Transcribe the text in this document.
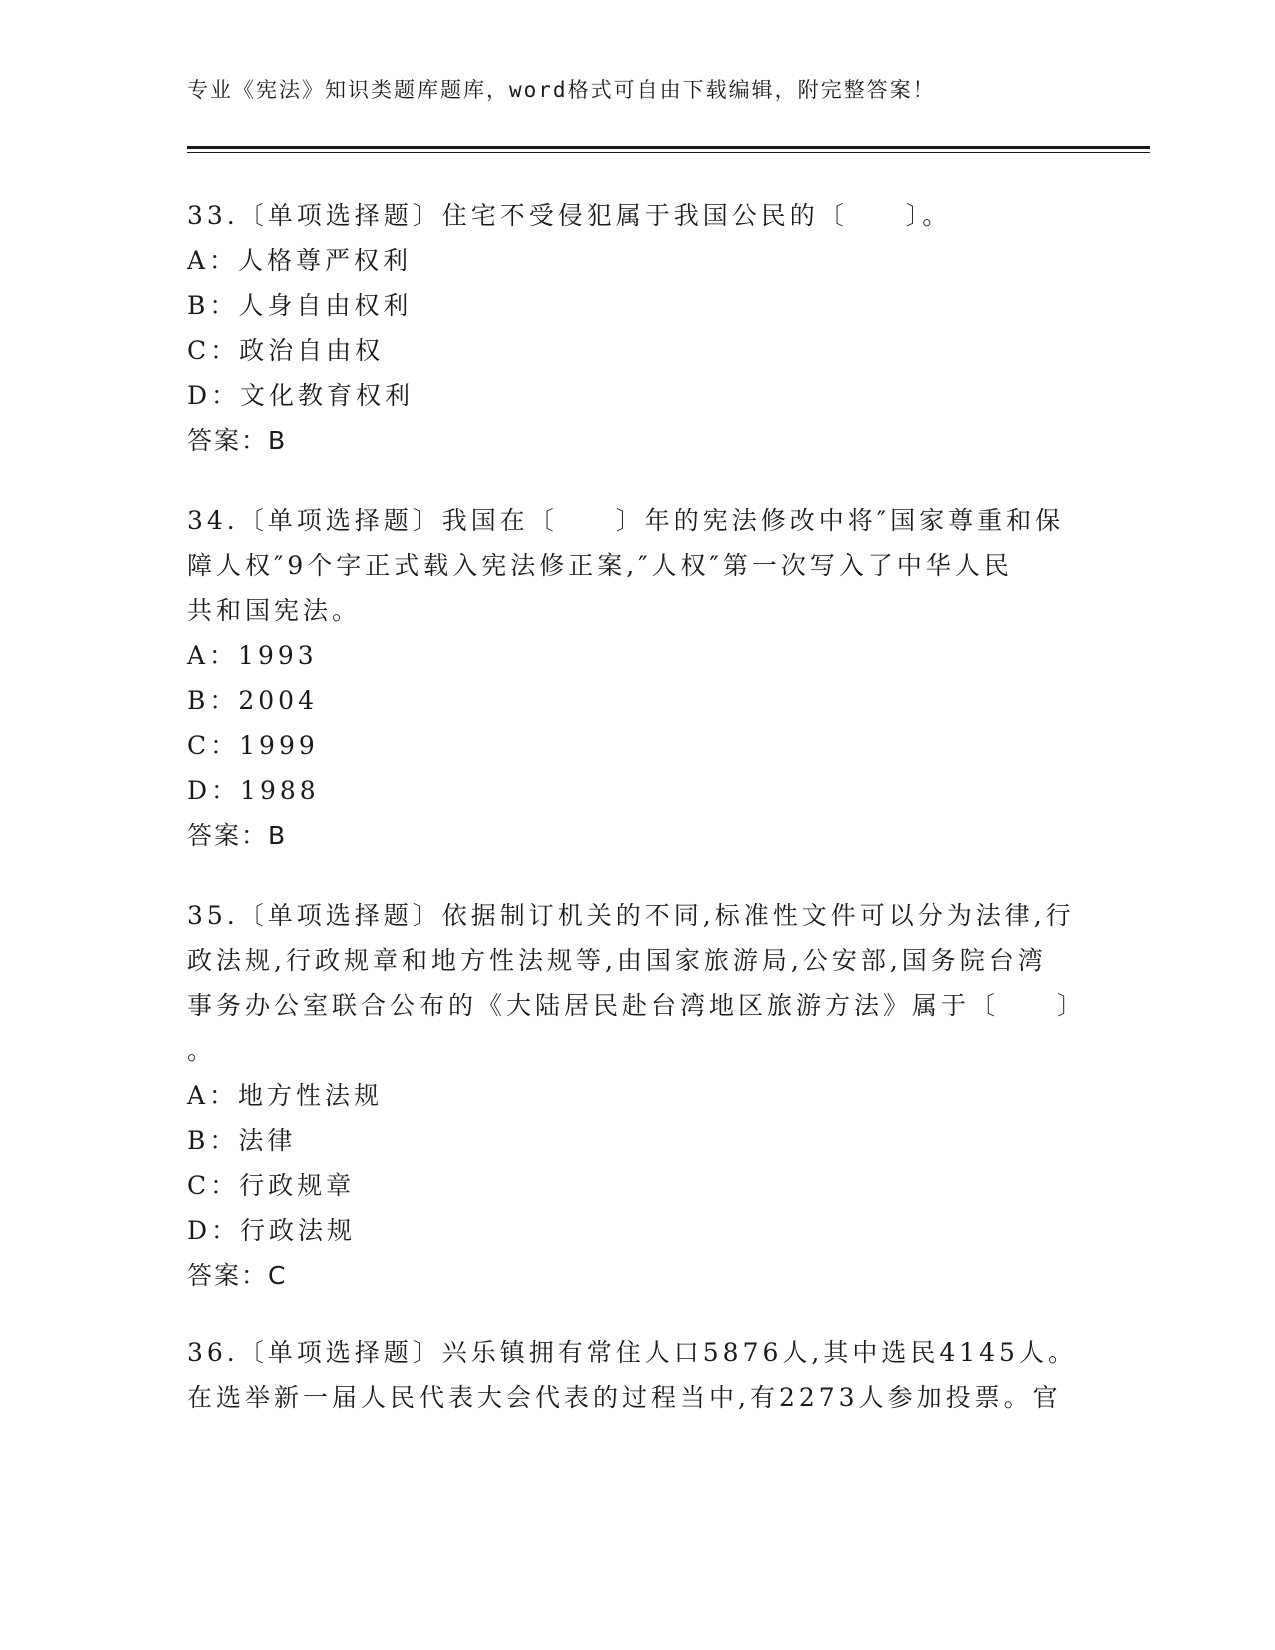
专业《宪法》知识类题库题库，word格式可自由下载编辑，附完整答案！
33.〔单项选择题〕住宅不受侵犯属于我国公民的〔　　〕。
A：人格尊严权利
B：人身自由权利
C：政治自由权
D：文化教育权利
答案：B
34.〔单项选择题〕我国在〔　　〕年的宪法修改中将″国家尊重和保
障人权″9个字正式载入宪法修正案,″人权″第一次写入了中华人民
共和国宪法。
A：1993
B：2004
C：1999
D：1988
答案：B
35.〔单项选择题〕依据制订机关的不同,标准性文件可以分为法律,行
政法规,行政规章和地方性法规等,由国家旅游局,公安部,国务院台湾
事务办公室联合公布的《大陆居民赴台湾地区旅游方法》属于〔　　〕
。
A：地方性法规
B：法律
C：行政规章
D：行政法规
答案：C
36.〔单项选择题〕兴乐镇拥有常住人口5876人,其中选民4145人。
在选举新一届人民代表大会代表的过程当中,有2273人参加投票。官
